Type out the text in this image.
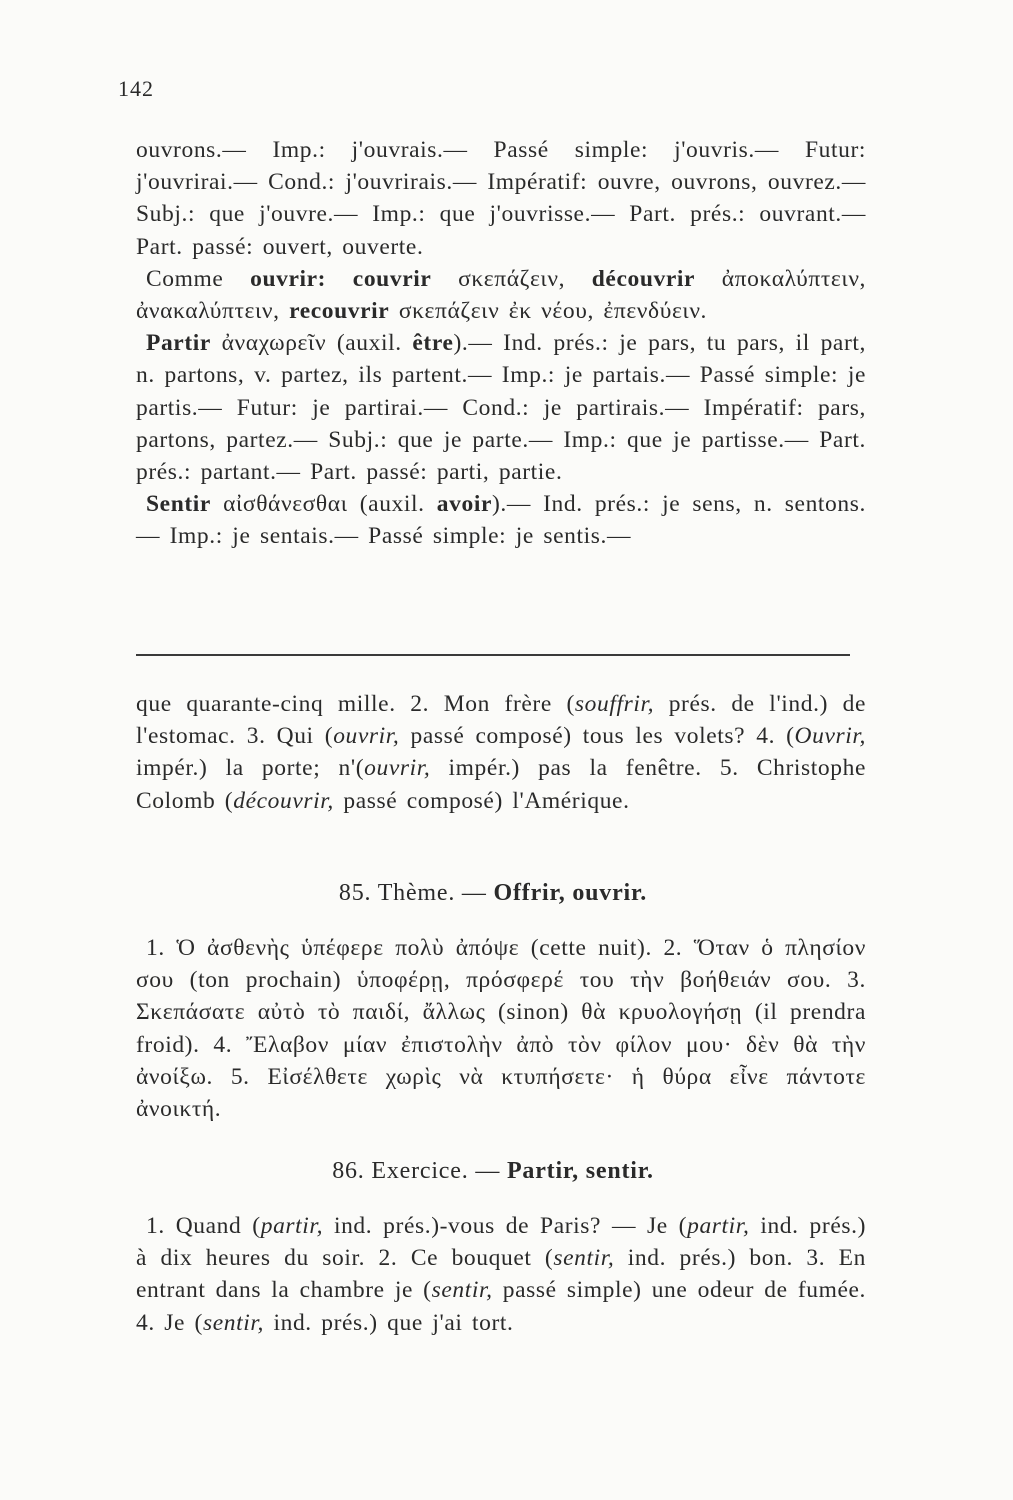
142

ouvrons.— Imp.: j'ouvrais.— Passé simple: j'ouvris.— Futur: j'ouvrirai.— Cond.: j'ouvrirais.— Impératif: ouvre, ouvrons, ouvrez.— Subj.: que j'ouvre.— Imp.: que j'ouvrisse.— Part. prés.: ouvrant.— Part. passé: ouvert, ouverte.

Comme ouvrir: couvrir σκεπάζειν, découvrir ἀποκαλύπτειν, ἀνακαλύπτειν, recouvrir σκεπάζειν ἐκ νέου, ἐπενδύειν.

Partir ἀναχωρεῖν (auxil. être).— Ind. prés.: je pars, tu pars, il part, n. partons, v. partez, ils partent.— Imp.: je partais.— Passé simple: je partis.— Futur: je partirai.— Cond.: je partirais.— Impératif: pars, partons, partez.— Subj.: que je parte.— Imp.: que je partisse.— Part. prés.: partant.— Part. passé: parti, partie.

Sentir αἰσθάνεσθαι (auxil. avoir).— Ind. prés.: je sens, n. sentons.— Imp.: je sentais.— Passé simple: je sentis.—

que quarante-cinq mille. 2. Mon frère (souffrir, prés. de l'ind.) de l'estomac. 3. Qui (ouvrir, passé composé) tous les volets? 4. (Ouvrir, impér.) la porte; n'(ouvrir, impér.) pas la fenêtre. 5. Christophe Colomb (découvrir, passé composé) l'Amérique.

85. Thème. — Offrir, ouvrir.

1. Ὁ ἀσθενὴς ὑπέφερε πολὺ ἀπόψε (cette nuit). 2. Ὅταν ὁ πλησίον σου (ton prochain) ὑποφέρῃ, πρόσφερέ του τὴν βοήθειάν σου. 3. Σκεπάσατε αὐτὸ τὸ παιδί, ἄλλως (sinon) θὰ κρυολογήσῃ (il prendra froid). 4. Ἔλαβον μίαν ἐπιστολὴν ἀπὸ τὸν φίλον μου· δὲν θὰ τὴν ἀνοίξω. 5. Εἰσέλθετε χωρὶς νὰ κτυπήσετε· ἡ θύρα εἶνε πάντοτε ἀνοικτή.

86. Exercice. — Partir, sentir.

1. Quand (partir, ind. prés.)-vous de Paris? — Je (partir, ind. prés.) à dix heures du soir. 2. Ce bouquet (sentir, ind. prés.) bon. 3. En entrant dans la chambre je (sentir, passé simple) une odeur de fumée. 4. Je (sentir, ind. prés.) que j'ai tort.
